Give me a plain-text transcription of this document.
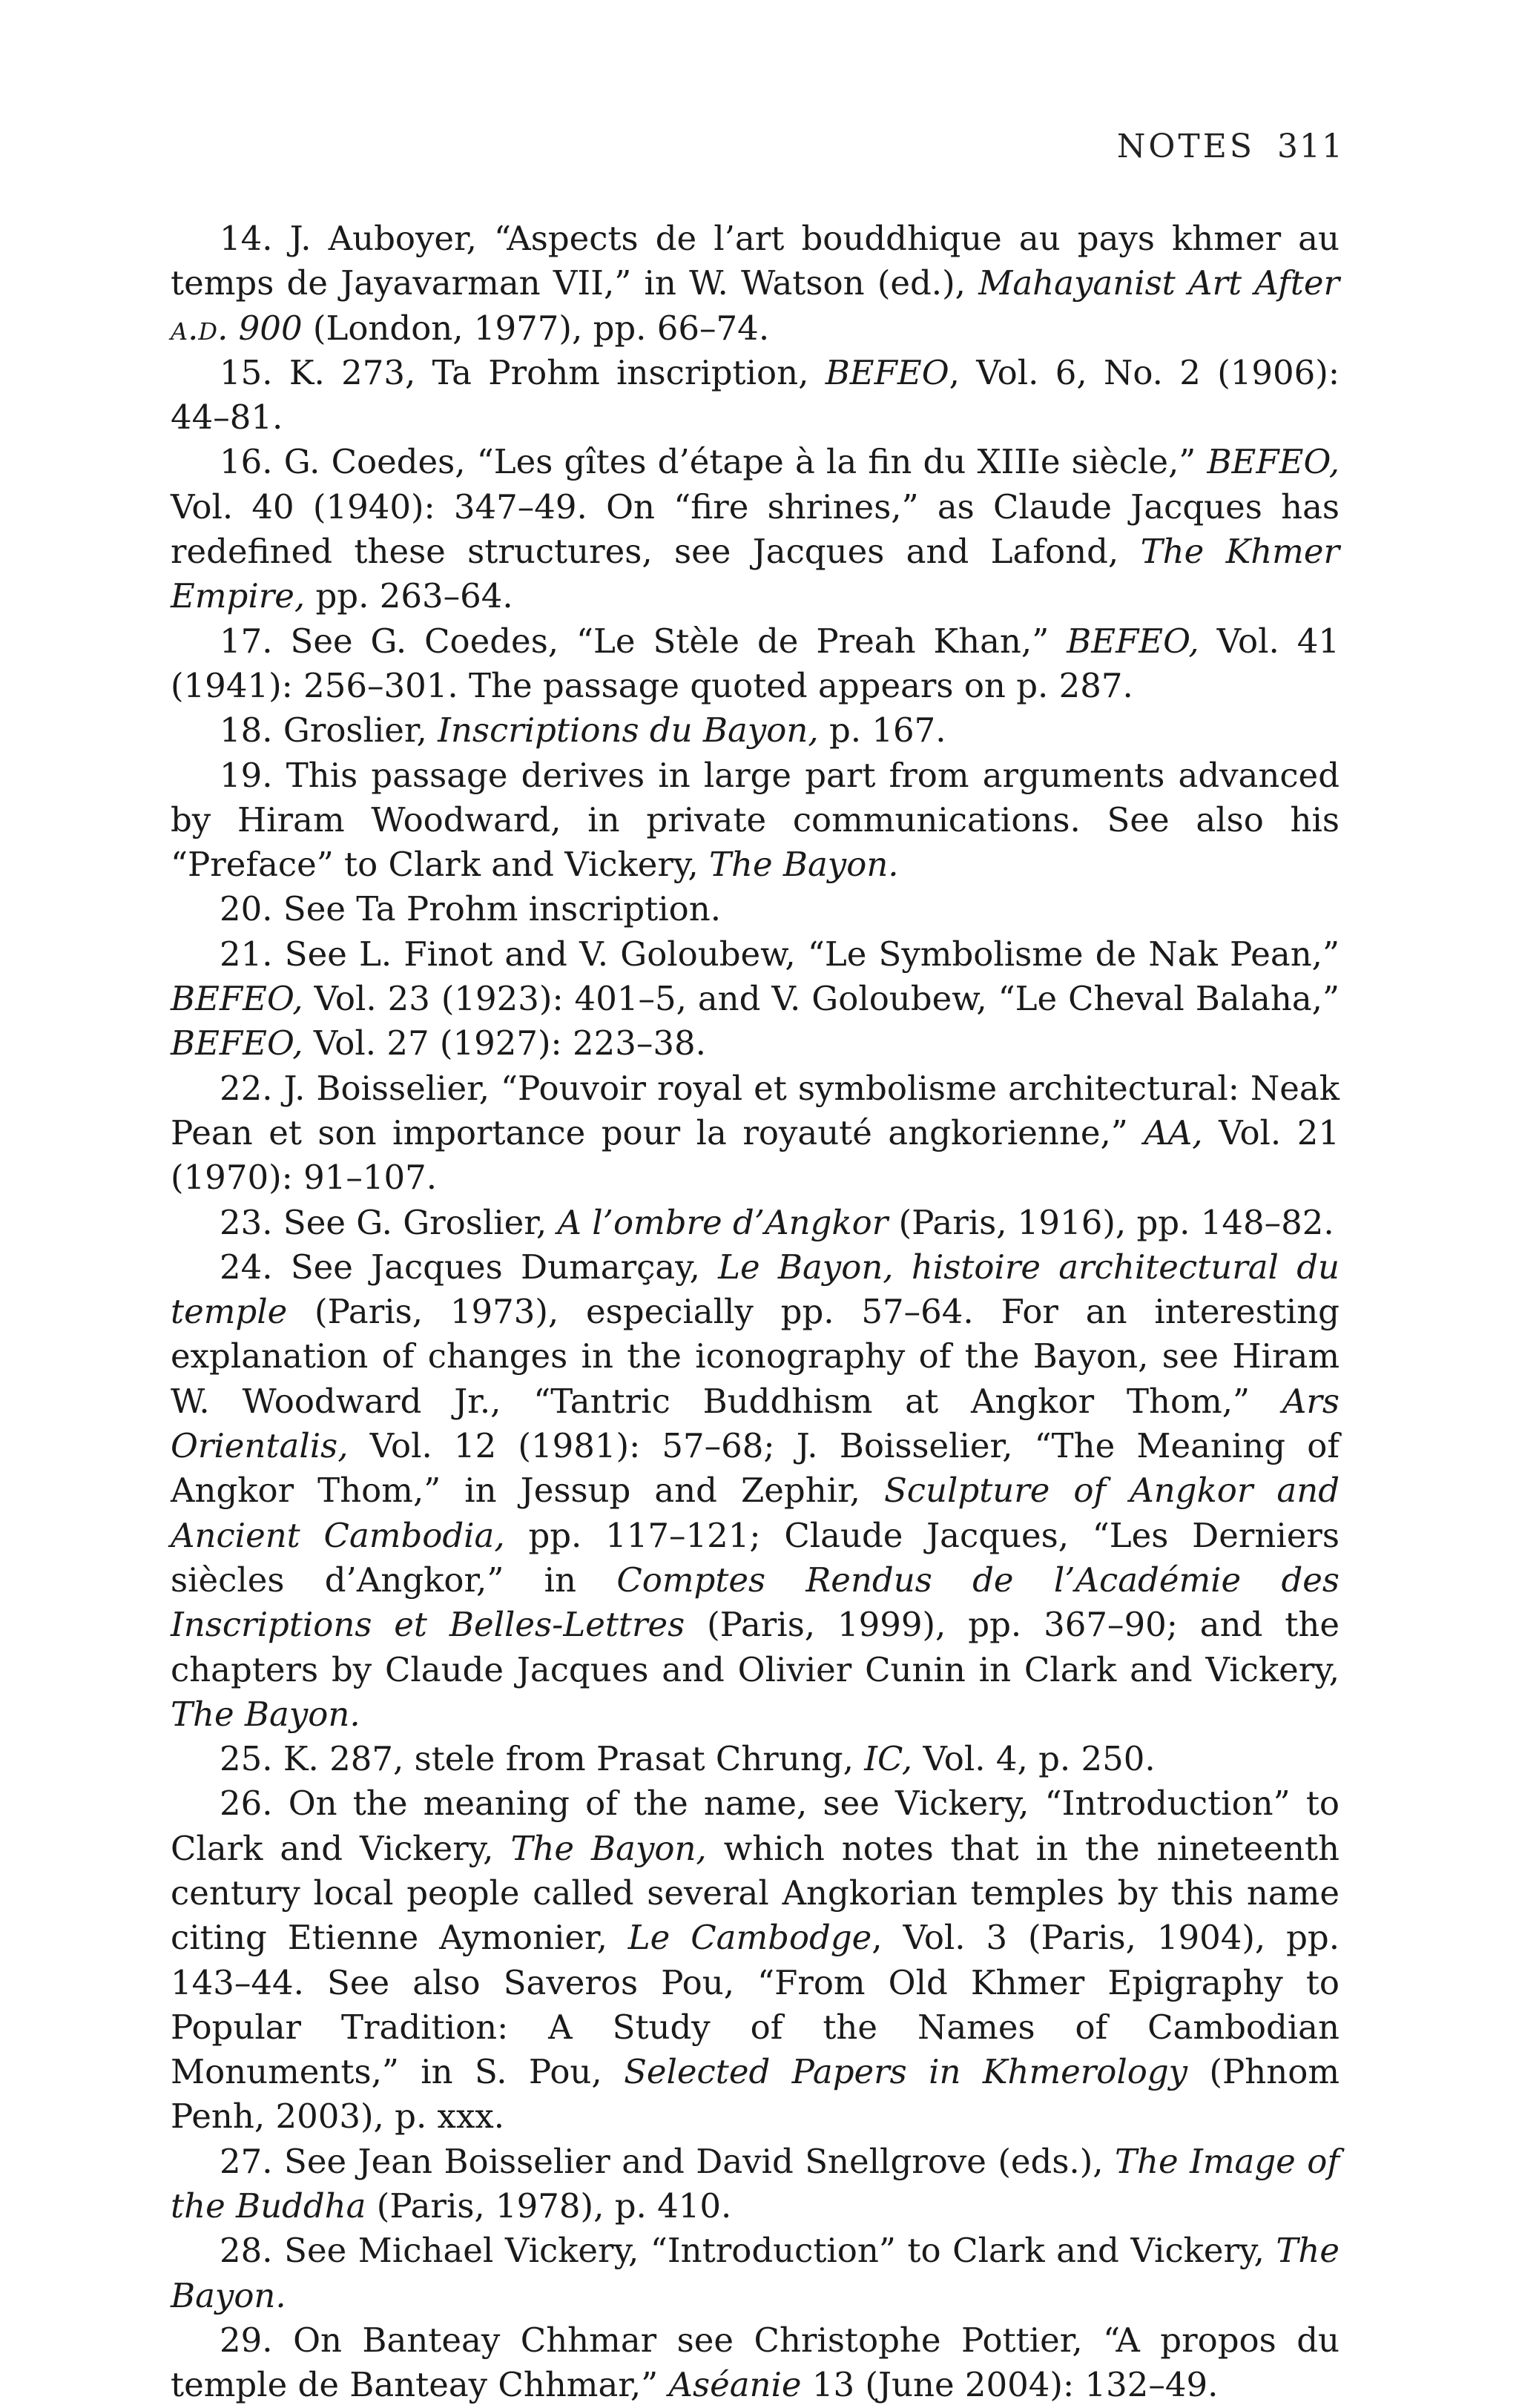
NOTES 311

14. J. Auboyer, “Aspects de l’art bouddhique au pays khmer au temps de Jayavarman VII,” in W. Watson (ed.), Mahayanist Art After a.d. 900 (London, 1977), pp. 66–74.

15. K. 273, Ta Prohm inscription, BEFEO, Vol. 6, No. 2 (1906): 44–81.

16. G. Coedes, “Les gîtes d’étape à la fin du XIIIe siècle,” BEFEO, Vol. 40 (1940): 347–49. On “fire shrines,” as Claude Jacques has redefined these structures, see Jacques and Lafond, The Khmer Empire, pp. 263–64.

17. See G. Coedes, “Le Stèle de Preah Khan,” BEFEO, Vol. 41 (1941): 256–301. The passage quoted appears on p. 287.

18. Groslier, Inscriptions du Bayon, p. 167.

19. This passage derives in large part from arguments advanced by Hiram Woodward, in private communications. See also his “Preface” to Clark and Vickery, The Bayon.

20. See Ta Prohm inscription.

21. See L. Finot and V. Goloubew, “Le Symbolisme de Nak Pean,” BEFEO, Vol. 23 (1923): 401–5, and V. Goloubew, “Le Cheval Balaha,” BEFEO, Vol. 27 (1927): 223–38.

22. J. Boisselier, “Pouvoir royal et symbolisme architectural: Neak Pean et son importance pour la royauté angkorienne,” AA, Vol. 21 (1970): 91–107.

23. See G. Groslier, A l’ombre d’Angkor (Paris, 1916), pp. 148–82.

24. See Jacques Dumarçay, Le Bayon, histoire architectural du temple (Paris, 1973), especially pp. 57–64. For an interesting explanation of changes in the iconography of the Bayon, see Hiram W. Woodward Jr., “Tantric Buddhism at Angkor Thom,” Ars Orientalis, Vol. 12 (1981): 57–68; J. Boisselier, “The Meaning of Angkor Thom,” in Jessup and Zephir, Sculpture of Angkor and Ancient Cambodia, pp. 117–121; Claude Jacques, “Les Derniers siècles d’Angkor,” in Comptes Rendus de l’Académie des Inscriptions et Belles-Lettres (Paris, 1999), pp. 367–90; and the chapters by Claude Jacques and Olivier Cunin in Clark and Vickery, The Bayon.

25. K. 287, stele from Prasat Chrung, IC, Vol. 4, p. 250.

26. On the meaning of the name, see Vickery, “Introduction” to Clark and Vickery, The Bayon, which notes that in the nineteenth century local people called several Angkorian temples by this name citing Etienne Aymonier, Le Cambodge, Vol. 3 (Paris, 1904), pp. 143–44. See also Saveros Pou, “From Old Khmer Epigraphy to Popular Tradition: A Study of the Names of Cambodian Monuments,” in S. Pou, Selected Papers in Khmerology (Phnom Penh, 2003), p. xxx.

27. See Jean Boisselier and David Snellgrove (eds.), The Image of the Buddha (Paris, 1978), p. 410.

28. See Michael Vickery, “Introduction” to Clark and Vickery, The Bayon.

29. On Banteay Chhmar see Christophe Pottier, “A propos du temple de Banteay Chhmar,” Aséanie 13 (June 2004): 132–49.
